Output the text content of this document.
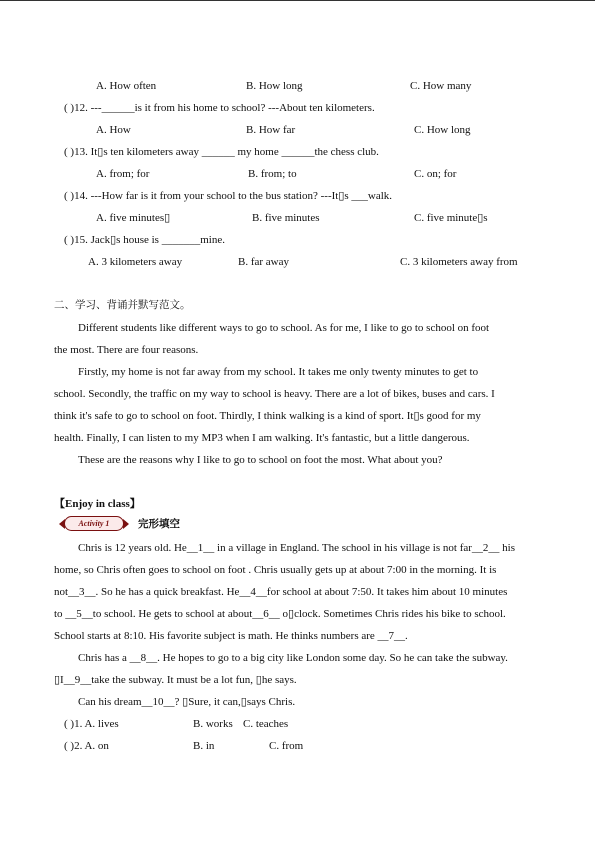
A. How often	B. How long	C. How many
( )12. ---______is it from his home to school? ---About ten kilometers.
A. How	B. How far	C. How long
( )13. It▯s ten kilometers away ______ my home ______the chess club.
A. from; for	B. from; to	C. on; for
( )14. ---How far is it from your school to the bus station? ---It▯s ___walk.
A. five minutes▯	B. five minutes	C. five minute▯s
( )15. Jack▯s house is _______mine.
A. 3 kilometers away	B. far away	C. 3 kilometers away from
二、学习、背诵并默写范文。
Different students like different ways to go to school. As for me, I like to go to school on foot
the most. There are four reasons.
Firstly, my home is not far away from my school. It takes me only twenty minutes to get to
school. Secondly, the traffic on my way to school is heavy. There are a lot of bikes, buses and cars. I
think it's safe to go to school on foot. Thirdly, I think walking is a kind of sport. It▯s good for my
health. Finally, I can listen to my MP3 when I am walking. It's fantastic, but a little dangerous.
These are the reasons why I like to go to school on foot the most. What about you?
【Enjoy in class】
Activity 1	完形填空
Chris is 12 years old. He__1__ in a village in England. The school in his village is not far__2__ his
home, so Chris often goes to school on foot . Chris usually gets up at about 7:00 in the morning. It is
not__3__. So he has a quick breakfast. He__4__for school at about 7:50. It takes him about 10 minutes
to __5__to school. He gets to school at about__6__ o▯clock. Sometimes Chris rides his bike to school.
School starts at 8:10. His favorite subject is math. He thinks numbers are __7__.
Chris has a __8__. He hopes to go to a big city like London some day. So he can take the subway.
▯I__9__take the subway. It must be a lot fun, ▯he says.
Can his dream__10__? ▯Sure, it can,▯says Chris.
( )1. A. lives	B. works C. teaches
( )2. A. on	B. in	C. from
